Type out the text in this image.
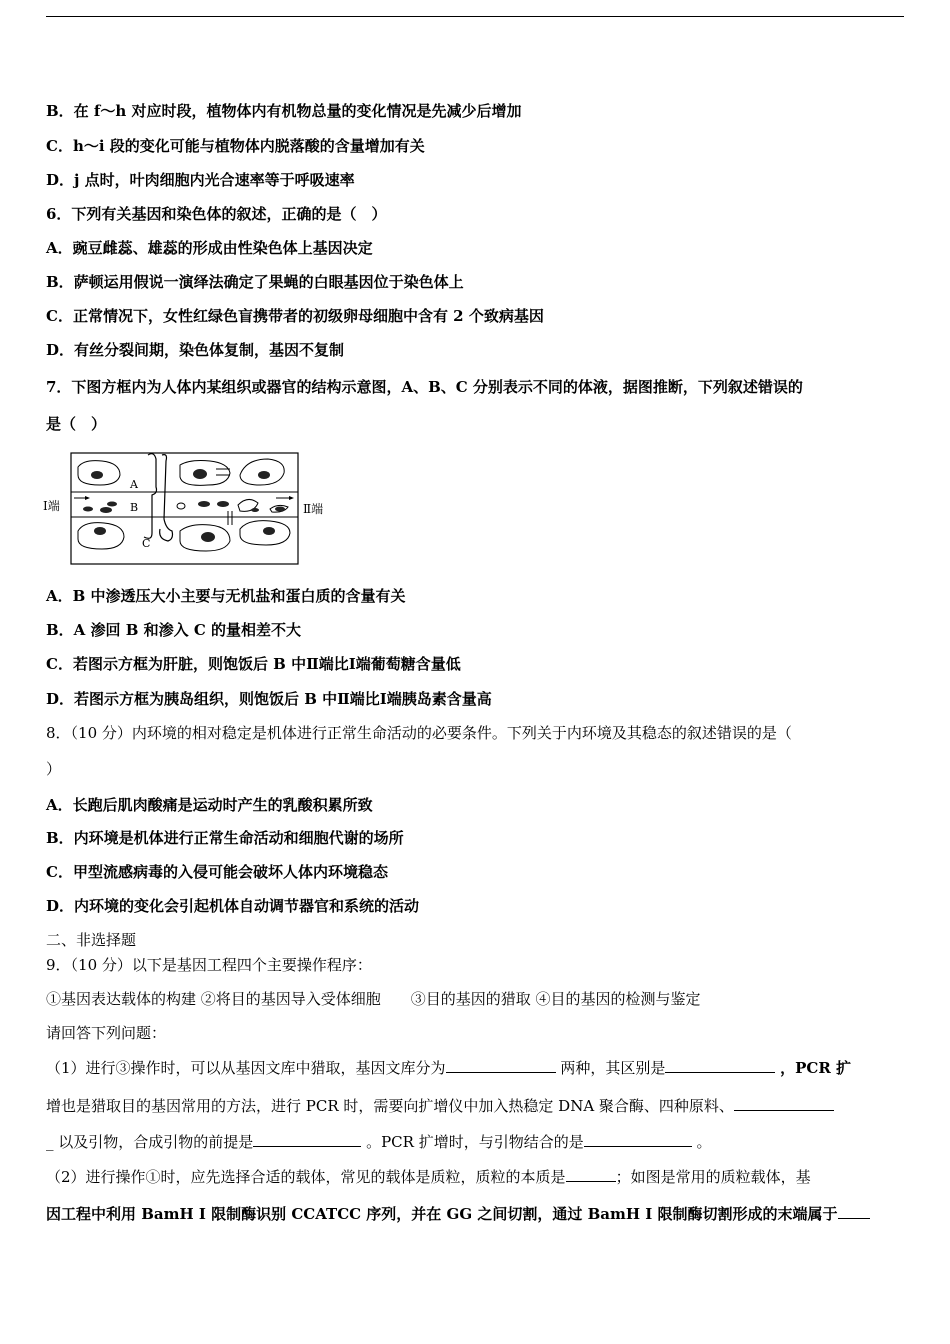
B．在 f～h 对应时段，植物体内有机物总量的变化情况是先减少后增加
C．h～i 段的变化可能与植物体内脱落酸的含量增加有关
D．j 点时，叶肉细胞内光合速率等于呼吸速率
6．下列有关基因和染色体的叙述，正确的是（　）
A．豌豆雌蕊、雄蕊的形成由性染色体上基因决定
B．萨顿运用假说一演绎法确定了果蝇的白眼基因位于染色体上
C．正常情况下，女性红绿色盲携带者的初级卵母细胞中含有 2 个致病基因
D．有丝分裂间期，染色体复制，基因不复制
7．下图方框内为人体内某组织或器官的结构示意图，A、B、C 分别表示不同的体液，据图推断，下列叙述错误的
是（　）
Ⅰ端	Ⅱ端
A
B
C
A．B 中渗透压大小主要与无机盐和蛋白质的含量有关
B．A 渗回 B 和渗入 C 的量相差不大
C．若图示方框为肝脏，则饱饭后 B 中Ⅱ端比Ⅰ端葡萄糖含量低
D．若图示方框为胰岛组织，则饱饭后 B 中Ⅱ端比Ⅰ端胰岛素含量高
8．（10 分）内环境的相对稳定是机体进行正常生命活动的必要条件。下列关于内环境及其稳态的叙述错误的是（
）
A．长跑后肌肉酸痛是运动时产生的乳酸积累所致
B．内环境是机体进行正常生命活动和细胞代谢的场所
C．甲型流感病毒的入侵可能会破坏人体内环境稳态
D．内环境的变化会引起机体自动调节器官和系统的活动
二、非选择题
9．（10 分）以下是基因工程四个主要操作程序：
①基因表达载体的构建 ②将目的基因导入受体细胞　　③目的基因的猎取 ④目的基因的检测与鉴定
请回答下列问题：
（1）进行③操作时，可以从基因文库中猎取，基因文库分为	两种，其区别是	，PCR 扩
增也是猎取目的基因常用的方法，进行 PCR 时，需要向扩增仪中加入热稳定 DNA 聚合酶、四种原料、
_ 以及引物，合成引物的前提是	。PCR 扩增时，与引物结合的是	。
（2）进行操作①时，应先选择合适的载体，常见的载体是质粒，质粒的本质是	；如图是常用的质粒载体，基
因工程中利用 BamH I 限制酶识别 CCATCC 序列，并在 GG 之间切割，通过 BamH I 限制酶切割形成的末端属于
